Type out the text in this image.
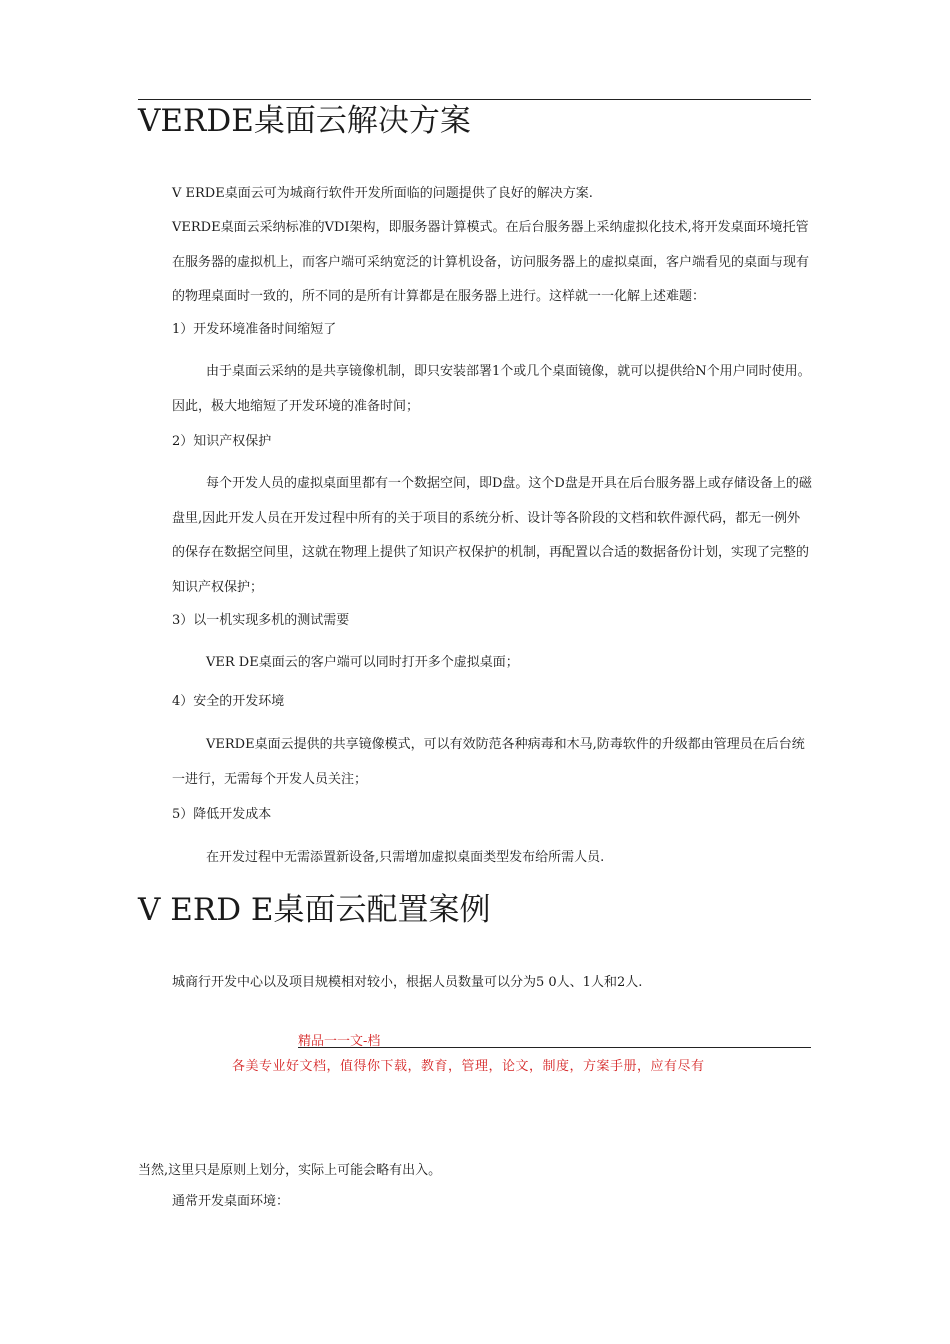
VERDE桌面云解决方案

V ERDE桌面云可为城商行软件开发所面临的问题提供了良好的解决方案.

VERDE桌面云采纳标准的VDI架构，即服务器计算模式。在后台服务器上采纳虚拟化技术,将开发桌面环境托管在服务器的虚拟机上，而客户端可采纳宽泛的计算机设备，访问服务器上的虚拟桌面，客户端看见的桌面与现有的物理桌面时一致的，所不同的是所有计算都是在服务器上进行。这样就一一化解上述难题：

1）开发环境准备时间缩短了

由于桌面云采纳的是共享镜像机制，即只安装部署1个或几个桌面镜像，就可以提供给N个用户同时使用。因此，极大地缩短了开发环境的准备时间；

2）知识产权保护

每个开发人员的虚拟桌面里都有一个数据空间，即D盘。这个D盘是开具在后台服务器上或存储设备上的磁盘里,因此开发人员在开发过程中所有的关于项目的系统分析、设计等各阶段的文档和软件源代码，都无一例外的保存在数据空间里，这就在物理上提供了知识产权保护的机制，再配置以合适的数据备份计划，实现了完整的知识产权保护；

3）以一机实现多机的测试需要

VER DE桌面云的客户端可以同时打开多个虚拟桌面；

4）安全的开发环境

VERDE桌面云提供的共享镜像模式，可以有效防范各种病毒和木马,防毒软件的升级都由管理员在后台统一进行，无需每个开发人员关注；

5）降低开发成本

在开发过程中无需添置新设备,只需增加虚拟桌面类型发布给所需人员.

V ERD E桌面云配置案例

城商行开发中心以及项目规模相对较小，根据人员数量可以分为5 0人、1人和2人.

精品一一文-档
各美专业好文档，值得你下载，教育，管理，论文，制度，方案手册，应有尽有

当然,这里只是原则上划分，实际上可能会略有出入。

通常开发桌面环境：
